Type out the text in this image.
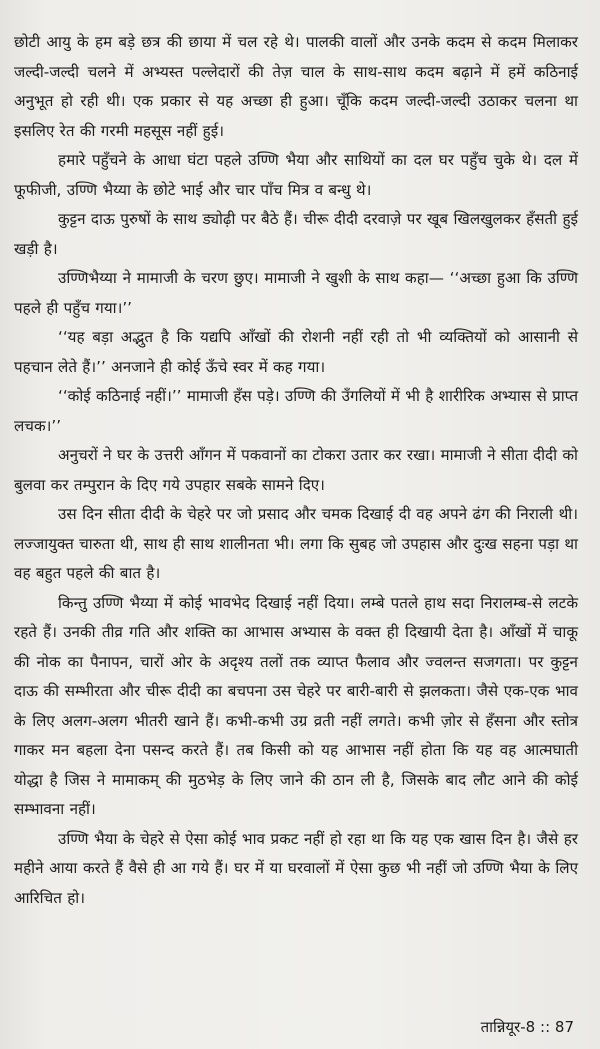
छोटी आयु के हम बड़े छत्र की छाया में चल रहे थे। पालकी वालों और उनके कदम से कदम मिलाकर जल्दी-जल्दी चलने में अभ्यस्त पल्लेदारों की तेज़ चाल के साथ-साथ कदम बढ़ाने में हमें कठिनाई अनुभूत हो रही थी। एक प्रकार से यह अच्छा ही हुआ। चूँकि कदम जल्दी-जल्दी उठाकर चलना था इसलिए रेत की गरमी महसूस नहीं हुई।

हमारे पहुँचने के आधा घंटा पहले उण्णि भैया और साथियों का दल घर पहुँच चुके थे। दल में फूफीजी, उण्णि भैय्या के छोटे भाई और चार पाँच मित्र व बन्धु थे।

कुट्टन दाऊ पुरुषों के साथ ड्योढ़ी पर बैठे हैं। चीरू दीदी दरवाज़े पर खूब खिलखुलकर हँसती हुई खड़ी है।

उण्णिभैय्या ने मामाजी के चरण छुए। मामाजी ने खुशी के साथ कहा— ‘‘अच्छा हुआ कि उण्णि पहले ही पहुँच गया।’’

‘‘यह बड़ा अद्भुत है कि यद्यपि आँखों की रोशनी नहीं रही तो भी व्यक्तियों को आसानी से पहचान लेते हैं।’’ अनजाने ही कोई ऊँचे स्वर में कह गया।

‘‘कोई कठिनाई नहीं।’’ मामाजी हँस पड़े। उण्णि की उँगलियों में भी है शारीरिक अभ्यास से प्राप्त लचक।’’

अनुचरों ने घर के उत्तरी आँगन में पकवानों का टोकरा उतार कर रखा। मामाजी ने सीता दीदी को बुलवा कर तम्पुरान के दिए गये उपहार सबके सामने दिए।

उस दिन सीता दीदी के चेहरे पर जो प्रसाद और चमक दिखाई दी वह अपने ढंग की निराली थी। लज्जायुक्त चारुता थी, साथ ही साथ शालीनता भी। लगा कि सुबह जो उपहास और दुःख सहना पड़ा था वह बहुत पहले की बात है।

किन्तु उण्णि भैय्या में कोई भावभेद दिखाई नहीं दिया। लम्बे पतले हाथ सदा निरालम्ब-से लटके रहते हैं। उनकी तीव्र गति और शक्ति का आभास अभ्यास के वक्त ही दिखायी देता है। आँखों में चाकू की नोक का पैनापन, चारों ओर के अदृश्य तलों तक व्याप्त फैलाव और ज्वलन्त सजगता। पर कुट्टन दाऊ की सम्भीरता और चीरू दीदी का बचपना उस चेहरे पर बारी-बारी से झलकता। जैसे एक-एक भाव के लिए अलग-अलग भीतरी खाने हैं। कभी-कभी उग्र व्रती नहीं लगते। कभी ज़ोर से हँसना और स्तोत्र गाकर मन बहला देना पसन्द करते हैं। तब किसी को यह आभास नहीं होता कि यह वह आत्मघाती योद्धा है जिस ने मामाकम् की मुठभेड़ के लिए जाने की ठान ली है, जिसके बाद लौट आने की कोई सम्भावना नहीं।

उण्णि भैया के चेहरे से ऐसा कोई भाव प्रकट नहीं हो रहा था कि यह एक खास दिन है। जैसे हर महीने आया करते हैं वैसे ही आ गये हैं। घर में या घरवालों में ऐसा कुछ भी नहीं जो उण्णि भैया के लिए आरिचित हो।

तान्नियूर-8 :: 87
